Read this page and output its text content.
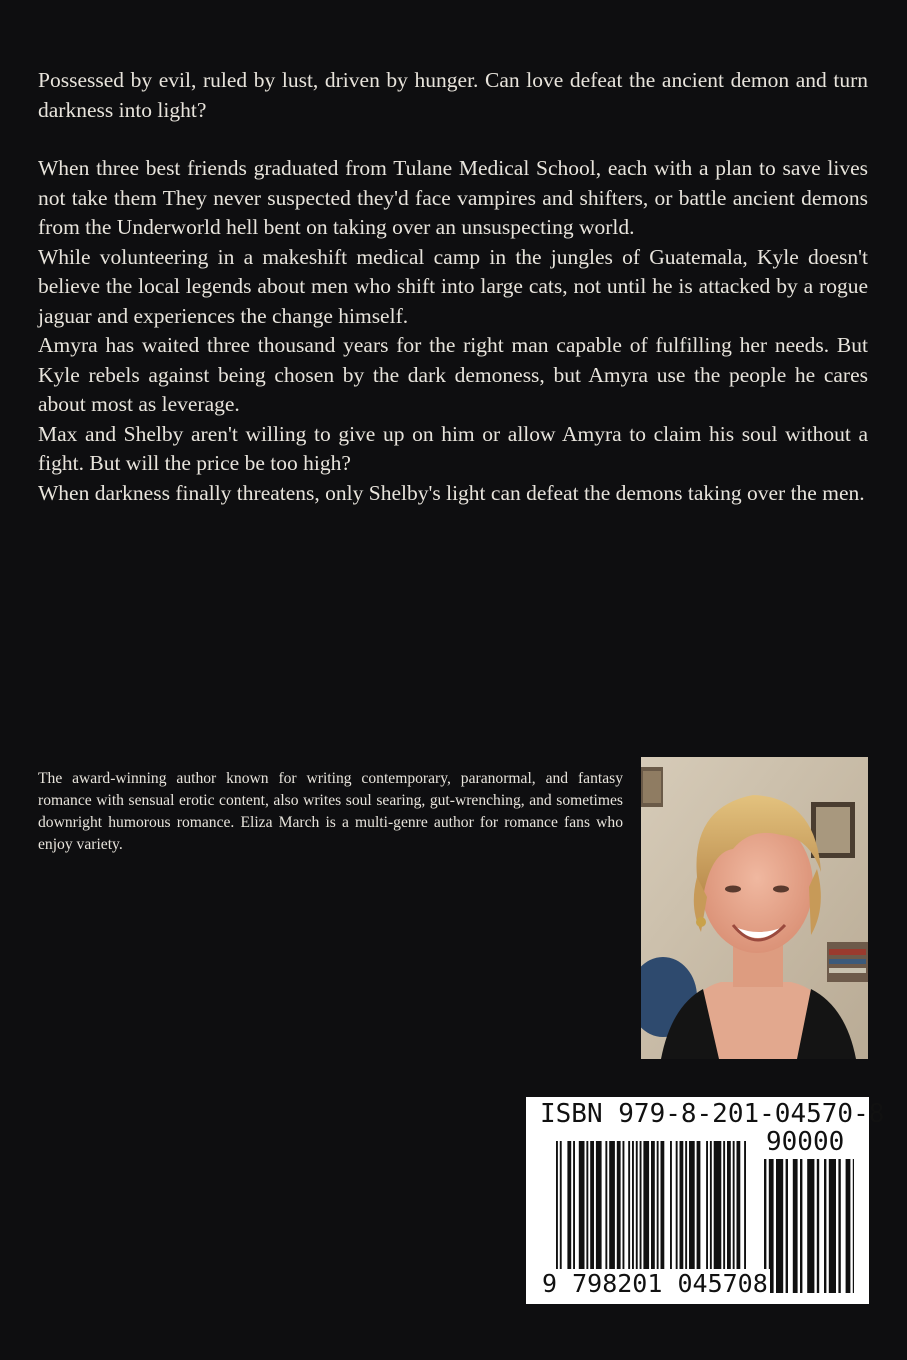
Possessed by evil, ruled by lust, driven by hunger. Can love defeat the ancient demon and turn darkness into light?

When three best friends graduated from Tulane Medical School, each with a plan to save lives not take them They never suspected they'd face vampires and shifters, or battle ancient demons from the Underworld hell bent on taking over an unsuspecting world.

While volunteering in a makeshift medical camp in the jungles of Guatemala, Kyle doesn't believe the local legends about men who shift into large cats, not until he is attacked by a rogue jaguar and experiences the change himself.

Amyra has waited three thousand years for the right man capable of fulfilling her needs. But Kyle rebels against being chosen by the dark demoness, but Amyra use the people he cares about most as leverage.

Max and Shelby aren't willing to give up on him or allow Amyra to claim his soul without a fight. But will the price be too high?

When darkness finally threatens, only Shelby's light can defeat the demons taking over the men.

The award-winning author known for writing contemporary, paranormal, and fantasy romance with sensual erotic content, also writes soul searing, gut-wrenching, and sometimes downright humorous romance. Eliza March is a multi-genre author for romance fans who enjoy variety.
ISBN 979-8-201-04570-8
90000
9 798201 045708
